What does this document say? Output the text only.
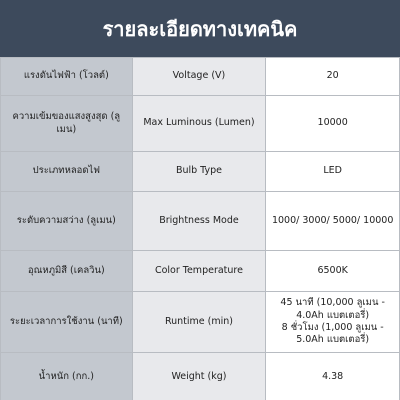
รายละเอียดทางเทคนิค
แรงดันไฟฟ้า (โวลต์)	Voltage (V)	20
ความเข้มของแสงสูงสุด (ลูเมน)	Max Luminous (Lumen)	10000
ประเภทหลอดไฟ	Bulb Type	LED
ระดับความสว่าง (ลูเมน)	Brightness Mode	1000/ 3000/ 5000/ 10000
อุณหภูมิสี (เคลวิน)	Color Temperature	6500K
ระยะเวลาการใช้งาน (นาที)	Runtime (min)	45 นาที (10,000 ลูเมน - 4.0Ah แบตเตอรี่)
8 ชั่วโมง (1,000 ลูเมน - 5.0Ah แบตเตอรี่)

น้ำหนัก (กก.)	Weight (kg)	4.38
